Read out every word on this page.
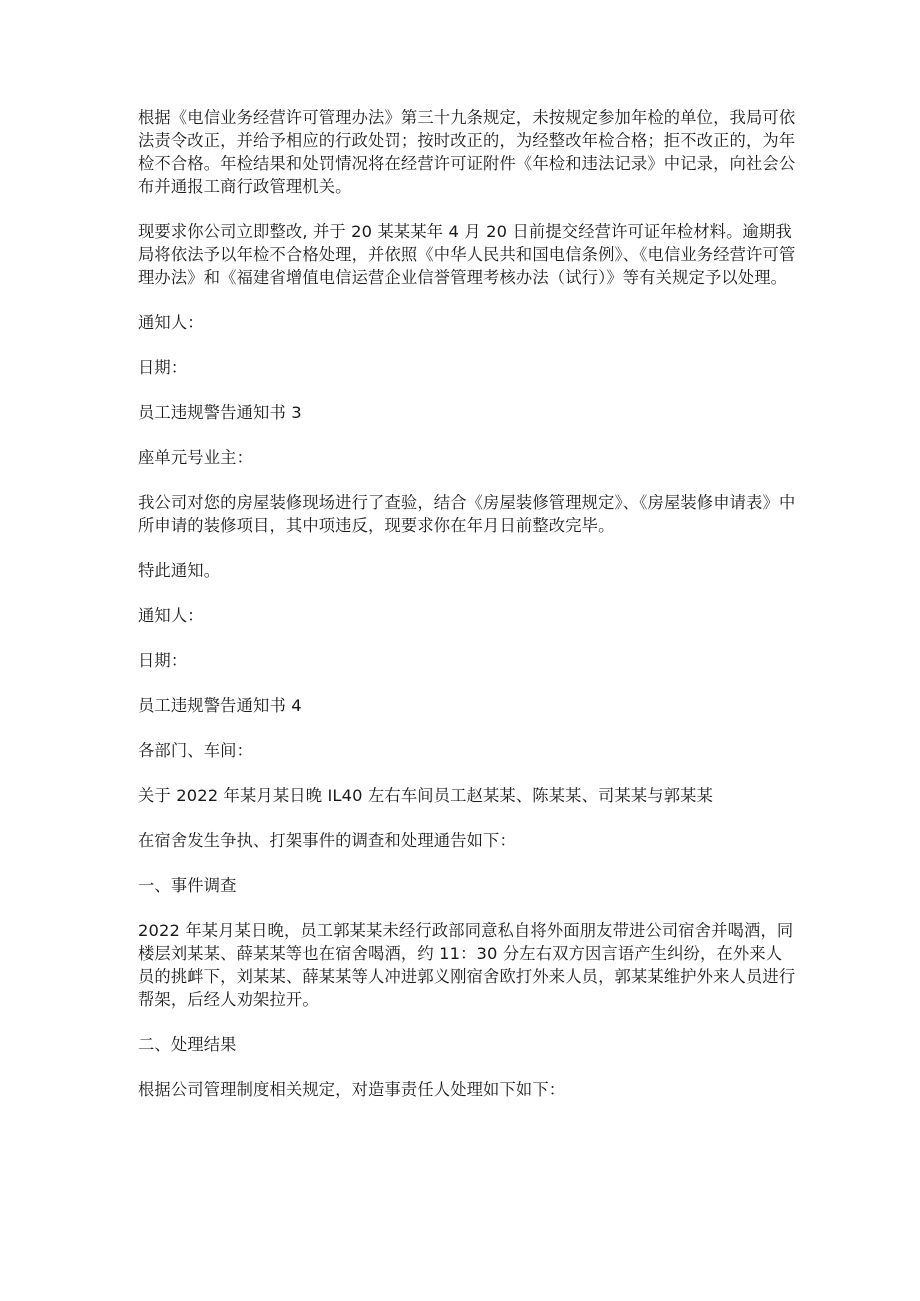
根据《电信业务经营许可管理办法》第三十九条规定，未按规定参加年检的单位，我局可依法责令改正，并给予相应的行政处罚；按时改正的，为经整改年检合格；拒不改正的，为年检不合格。年检结果和处罚情况将在经营许可证附件《年检和违法记录》中记录，向社会公布并通报工商行政管理机关。

现要求你公司立即整改, 并于 20 某某某年 4 月 20 日前提交经营许可证年检材料。逾期我局将依法予以年检不合格处理，并依照《中华人民共和国电信条例》、《电信业务经营许可管理办法》和《福建省增值电信运营企业信誉管理考核办法（试行）》等有关规定予以处理。

通知人：

日期：

员工违规警告通知书 3

座单元号业主：

我公司对您的房屋装修现场进行了查验，结合《房屋装修管理规定》、《房屋装修申请表》中所申请的装修项目，其中项违反，现要求你在年月日前整改完毕。

特此通知。

通知人：

日期：

员工违规警告通知书 4

各部门、车间：

关于 2022 年某月某日晚 IL40 左右车间员工赵某某、陈某某、司某某与郭某某

在宿舍发生争执、打架事件的调查和处理通告如下：

一、事件调查

2022 年某月某日晚，员工郭某某未经行政部同意私自将外面朋友带进公司宿舍并喝酒，同楼层刘某某、薛某某等也在宿舍喝酒，约 11：30 分左右双方因言语产生纠纷，在外来人员的挑衅下，刘某某、薛某某等人冲进郭义刚宿舍欧打外来人员，郭某某维护外来人员进行帮架，后经人劝架拉开。

二、处理结果

根据公司管理制度相关规定，对造事责任人处理如下如下：
